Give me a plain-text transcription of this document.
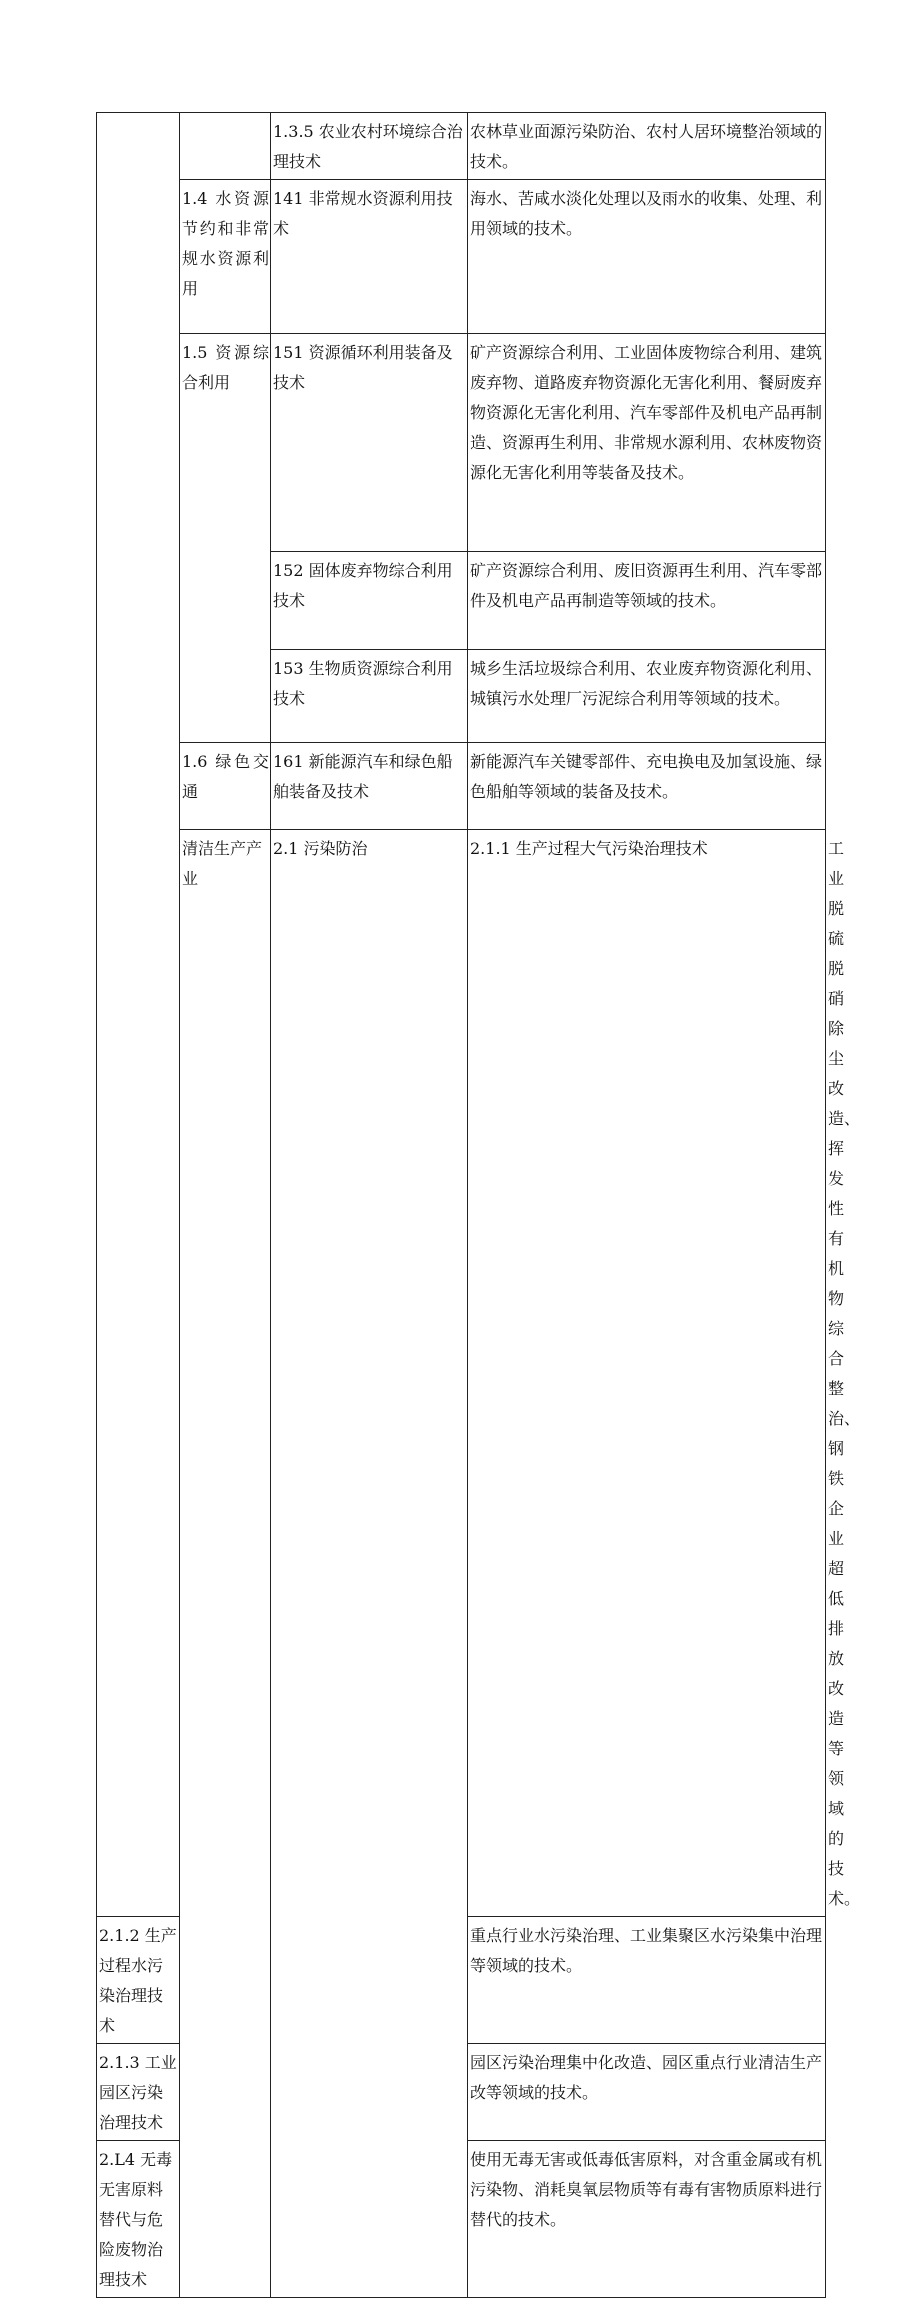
		1.3.5 农业农村环境综合治理技术	农林草业面源污染防治、农村人居环境整治领域的技术。	
	1.4 水资源节约和非常规水资源利用	141 非常规水资源利用技术	海水、苦咸水淡化处理以及雨水的收集、处理、利用领域的技术。	
	1.5 资源综合利用	151 资源循环利用装备及技术	矿产资源综合利用、工业固体废物综合利用、建筑废弃物、道路废弃物资源化无害化利用、餐厨废弃物资源化无害化利用、汽车零部件及机电产品再制造、资源再生利用、非常规水源利用、农林废物资源化无害化利用等装备及技术。	
		152 固体废弃物综合利用技术	矿产资源综合利用、废旧资源再生利用、汽车零部件及机电产品再制造等领域的技术。	
		153 生物质资源综合利用技术	城乡生活垃圾综合利用、农业废弃物资源化利用、城镇污水处理厂污泥综合利用等领域的技术。	
	1.6 绿色交通	161 新能源汽车和绿色船舶装备及技术	新能源汽车关键零部件、充电换电及加氢设施、绿色船舶等领域的装备及技术。	
	清洁生产产业	2.1 污染防治	2.1.1 生产过程大气污染治理技术	工业脱硫脱硝除尘改造、挥发性有机物综合整治、钢铁企业超低排放改造等领域的技术。
2.1.2 生产过程水污染治理技术			重点行业水污染治理、工业集聚区水污染集中治理等领域的技术。	
2.1.3 工业园区污染治理技术			园区污染治理集中化改造、园区重点行业清洁生产改等领域的技术。	
2.L4 无毒无害原料替代与危险废物治理技术			使用无毒无害或低毒低害原料，对含重金属或有机污染物、消耗臭氧层物质等有毒有害物质原料进行替代的技术。	
